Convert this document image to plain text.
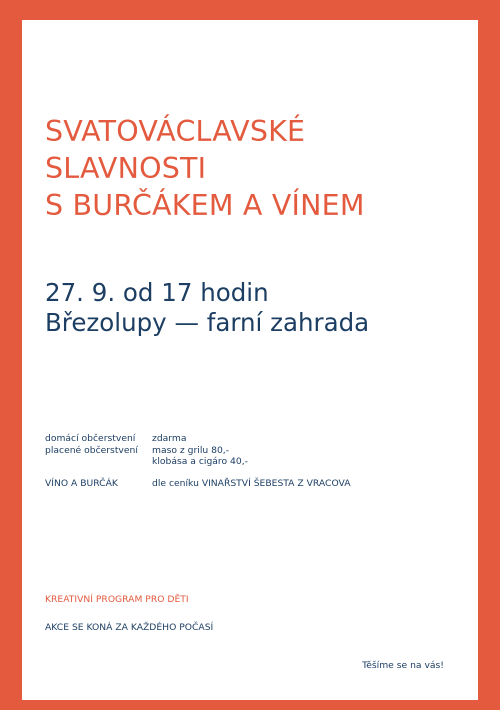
SVATOVÁCLAVSKÉ
SLAVNOSTI
S BURČÁKEM A VÍNEM
27. 9. od 17 hodin
Březolupy — farní zahrada
domácí občerstvení	zdarma
placené občerstvení	maso z grilu 80,-
klobása a cigáro 40,-
VÍNO A BURČÁK	dle ceníku VINAŘSTVÍ ŠEBESTA Z VRACOVA
KREATIVNÍ PROGRAM PRO DĚTI
AKCE SE KONÁ ZA KAŽDÉHO POČASÍ
Těšíme se na vás!
